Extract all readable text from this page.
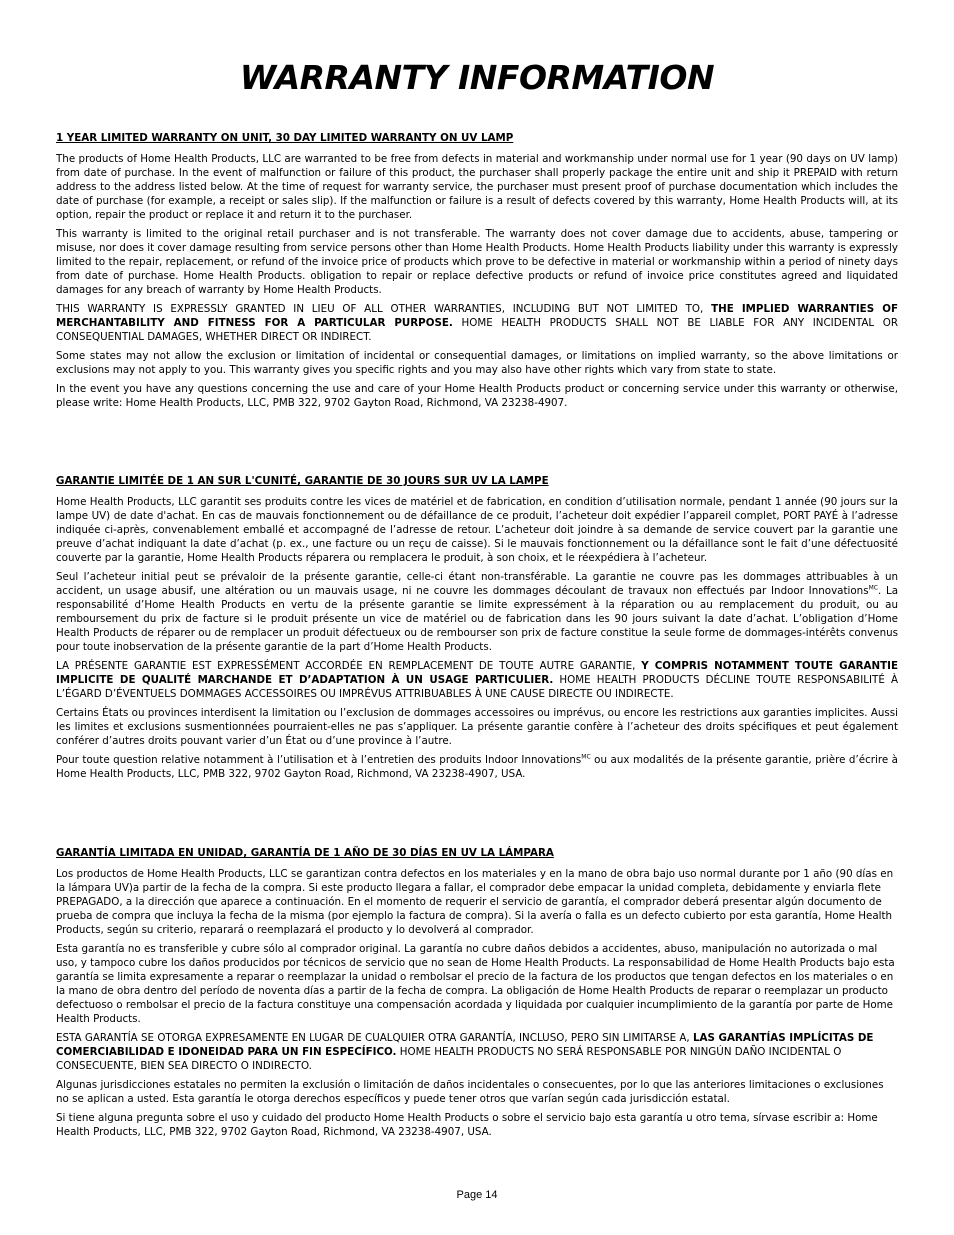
WARRANTY INFORMATION
1 YEAR LIMITED WARRANTY ON UNIT, 30 DAY LIMITED WARRANTY ON UV LAMP

The products of Home Health Products, LLC are warranted to be free from defects in material and workmanship under normal use for 1 year (90 days on UV lamp) from date of purchase. In the event of malfunction or failure of this product, the purchaser shall properly package the entire unit and ship it PREPAID with return address to the address listed below. At the time of request for warranty service, the purchaser must present proof of purchase documentation which includes the date of purchase (for example, a receipt or sales slip). If the malfunction or failure is a result of defects covered by this warranty, Home Health Products will, at its option, repair the product or replace it and return it to the purchaser.

This warranty is limited to the original retail purchaser and is not transferable. The warranty does not cover damage due to accidents, abuse, tampering or misuse, nor does it cover damage resulting from service persons other than Home Health Products. Home Health Products liability under this warranty is expressly limited to the repair, replacement, or refund of the invoice price of products which prove to be defective in material or workmanship within a period of ninety days from date of purchase. Home Health Products. obligation to repair or replace defective products or refund of invoice price constitutes agreed and liquidated damages for any breach of warranty by Home Health Products.

THIS WARRANTY IS EXPRESSLY GRANTED IN LIEU OF ALL OTHER WARRANTIES, INCLUDING BUT NOT LIMITED TO, THE IMPLIED WARRANTIES OF MERCHANTABILITY AND FITNESS FOR A PARTICULAR PURPOSE. HOME HEALTH PRODUCTS SHALL NOT BE LIABLE FOR ANY INCIDENTAL OR CONSEQUENTIAL DAMAGES, WHETHER DIRECT OR INDIRECT.

Some states may not allow the exclusion or limitation of incidental or consequential damages, or limitations on implied warranty, so the above limitations or exclusions may not apply to you. This warranty gives you specific rights and you may also have other rights which vary from state to state.

In the event you have any questions concerning the use and care of your Home Health Products product or concerning service under this warranty or otherwise, please write: Home Health Products, LLC, PMB 322, 9702 Gayton Road, Richmond, VA 23238-4907.

GARANTIE LIMITÉE DE 1 AN SUR L'CUNITÉ, GARANTIE DE 30 JOURS SUR UV LA LAMPE

Home Health Products, LLC garantit ses produits contre les vices de matériel et de fabrication, en condition d’utilisation normale, pendant 1 année (90 jours sur la lampe UV) de date d'achat. En cas de mauvais fonctionnement ou de défaillance de ce produit, l’acheteur doit expédier l’appareil complet, PORT PAYÉ à l’adresse indiquée ci-après, convenablement emballé et accompagné de l’adresse de retour. L’acheteur doit joindre à sa demande de service couvert par la garantie une preuve d’achat indiquant la date d’achat (p. ex., une facture ou un reçu de caisse). Si le mauvais fonctionnement ou la défaillance sont le fait d’une défectuosité couverte par la garantie, Home Health Products réparera ou remplacera le produit, à son choix, et le réexpédiera à l’acheteur.

Seul l’acheteur initial peut se prévaloir de la présente garantie, celle-ci étant non-transférable. La garantie ne couvre pas les dommages attribuables à un accident, un usage abusif, une altération ou un mauvais usage, ni ne couvre les dommages découlant de travaux non effectués par Indoor Innovations$^{MC}$. La responsabilité d’Home Health Products en vertu de la présente garantie se limite expressément à la réparation ou au remplacement du produit, ou au remboursement du prix de facture si le produit présente un vice de matériel ou de fabrication dans les 90 jours suivant la date d’achat. L’obligation d’Home Health Products de réparer ou de remplacer un produit défectueux ou de rembourser son prix de facture constitue la seule forme de dommages-intérêts convenus pour toute inobservation de la présente garantie de la part d’Home Health Products.

LA PRÉSENTE GARANTIE EST EXPRESSÉMENT ACCORDÉE EN REMPLACEMENT DE TOUTE AUTRE GARANTIE, Y COMPRIS NOTAMMENT TOUTE GARANTIE IMPLICITE DE QUALITÉ MARCHANDE ET D’ADAPTATION À UN USAGE PARTICULIER. HOME HEALTH PRODUCTS DÉCLINE TOUTE RESPONSABILITÉ À L’ÉGARD D’ÉVENTUELS DOMMAGES ACCESSOIRES OU IMPRÉVUS ATTRIBUABLES À UNE CAUSE DIRECTE OU INDIRECTE.

Certains États ou provinces interdisent la limitation ou l’exclusion de dommages accessoires ou imprévus, ou encore les restrictions aux garanties implicites. Aussi les limites et exclusions susmentionnées pourraient-elles ne pas s’appliquer. La présente garantie confère à l’acheteur des droits spécifiques et peut également conférer d’autres droits pouvant varier d’un État ou d’une province à l’autre.

Pour toute question relative notamment à l’utilisation et à l’entretien des produits Indoor Innovations$^{MC}$ ou aux modalités de la présente garantie, prière d’écrire à Home Health Products, LLC, PMB 322, 9702 Gayton Road, Richmond, VA 23238-4907, USA.

GARANTÍA LIMITADA EN UNIDAD, GARANTÍA DE 1 AÑO DE 30 DÍAS EN UV LA LÁMPARA

Los productos de Home Health Products, LLC se garantizan contra defectos en los materiales y en la mano de obra bajo uso normal durante por 1 año (90 días en la lámpara UV)a partir de la fecha de la compra. Si este producto llegara a fallar, el comprador debe empacar la unidad completa, debidamente y enviarla flete PREPAGADO, a la dirección que aparece a continuación. En el momento de requerir el servicio de garantía, el comprador deberá presentar algún documento de prueba de compra que incluya la fecha de la misma (por ejemplo la factura de compra). Si la avería o falla es un defecto cubierto por esta garantía, Home Health Products, según su criterio, reparará o reemplazará el producto y lo devolverá al comprador.

Esta garantía no es transferible y cubre sólo al comprador original. La garantía no cubre daños debidos a accidentes, abuso, manipulación no autorizada o mal uso, y tampoco cubre los daños producidos por técnicos de servicio que no sean de Home Health Products. La responsabilidad de Home Health Products bajo esta garantía se limita expresamente a reparar o reemplazar la unidad o rembolsar el precio de la factura de los productos que tengan defectos en los materiales o en la mano de obra dentro del período de noventa días a partir de la fecha de compra. La obligación de Home Health Products de reparar o reemplazar un producto defectuoso o rembolsar el precio de la factura constituye una compensación acordada y liquidada por cualquier incumplimiento de la garantía por parte de Home Health Products.

ESTA GARANTÍA SE OTORGA EXPRESAMENTE EN LUGAR DE CUALQUIER OTRA GARANTÍA, INCLUSO, PERO SIN LIMITARSE A, LAS GARANTÍAS IMPLÍCITAS DE COMERCIABILIDAD E IDONEIDAD PARA UN FIN ESPECÍFICO. HOME HEALTH PRODUCTS NO SERÁ RESPONSABLE POR NINGÚN DAÑO INCIDENTAL O CONSECUENTE, BIEN SEA DIRECTO O INDIRECTO.

Algunas jurisdicciones estatales no permiten la exclusión o limitación de daños incidentales o consecuentes, por lo que las anteriores limitaciones o exclusiones no se aplican a usted. Esta garantía le otorga derechos específicos y puede tener otros que varían según cada jurisdicción estatal.

Si tiene alguna pregunta sobre el uso y cuidado del producto Home Health Products o sobre el servicio bajo esta garantía u otro tema, sírvase escribir a: Home Health Products, LLC, PMB 322, 9702 Gayton Road, Richmond, VA 23238-4907, USA.

Page 14
